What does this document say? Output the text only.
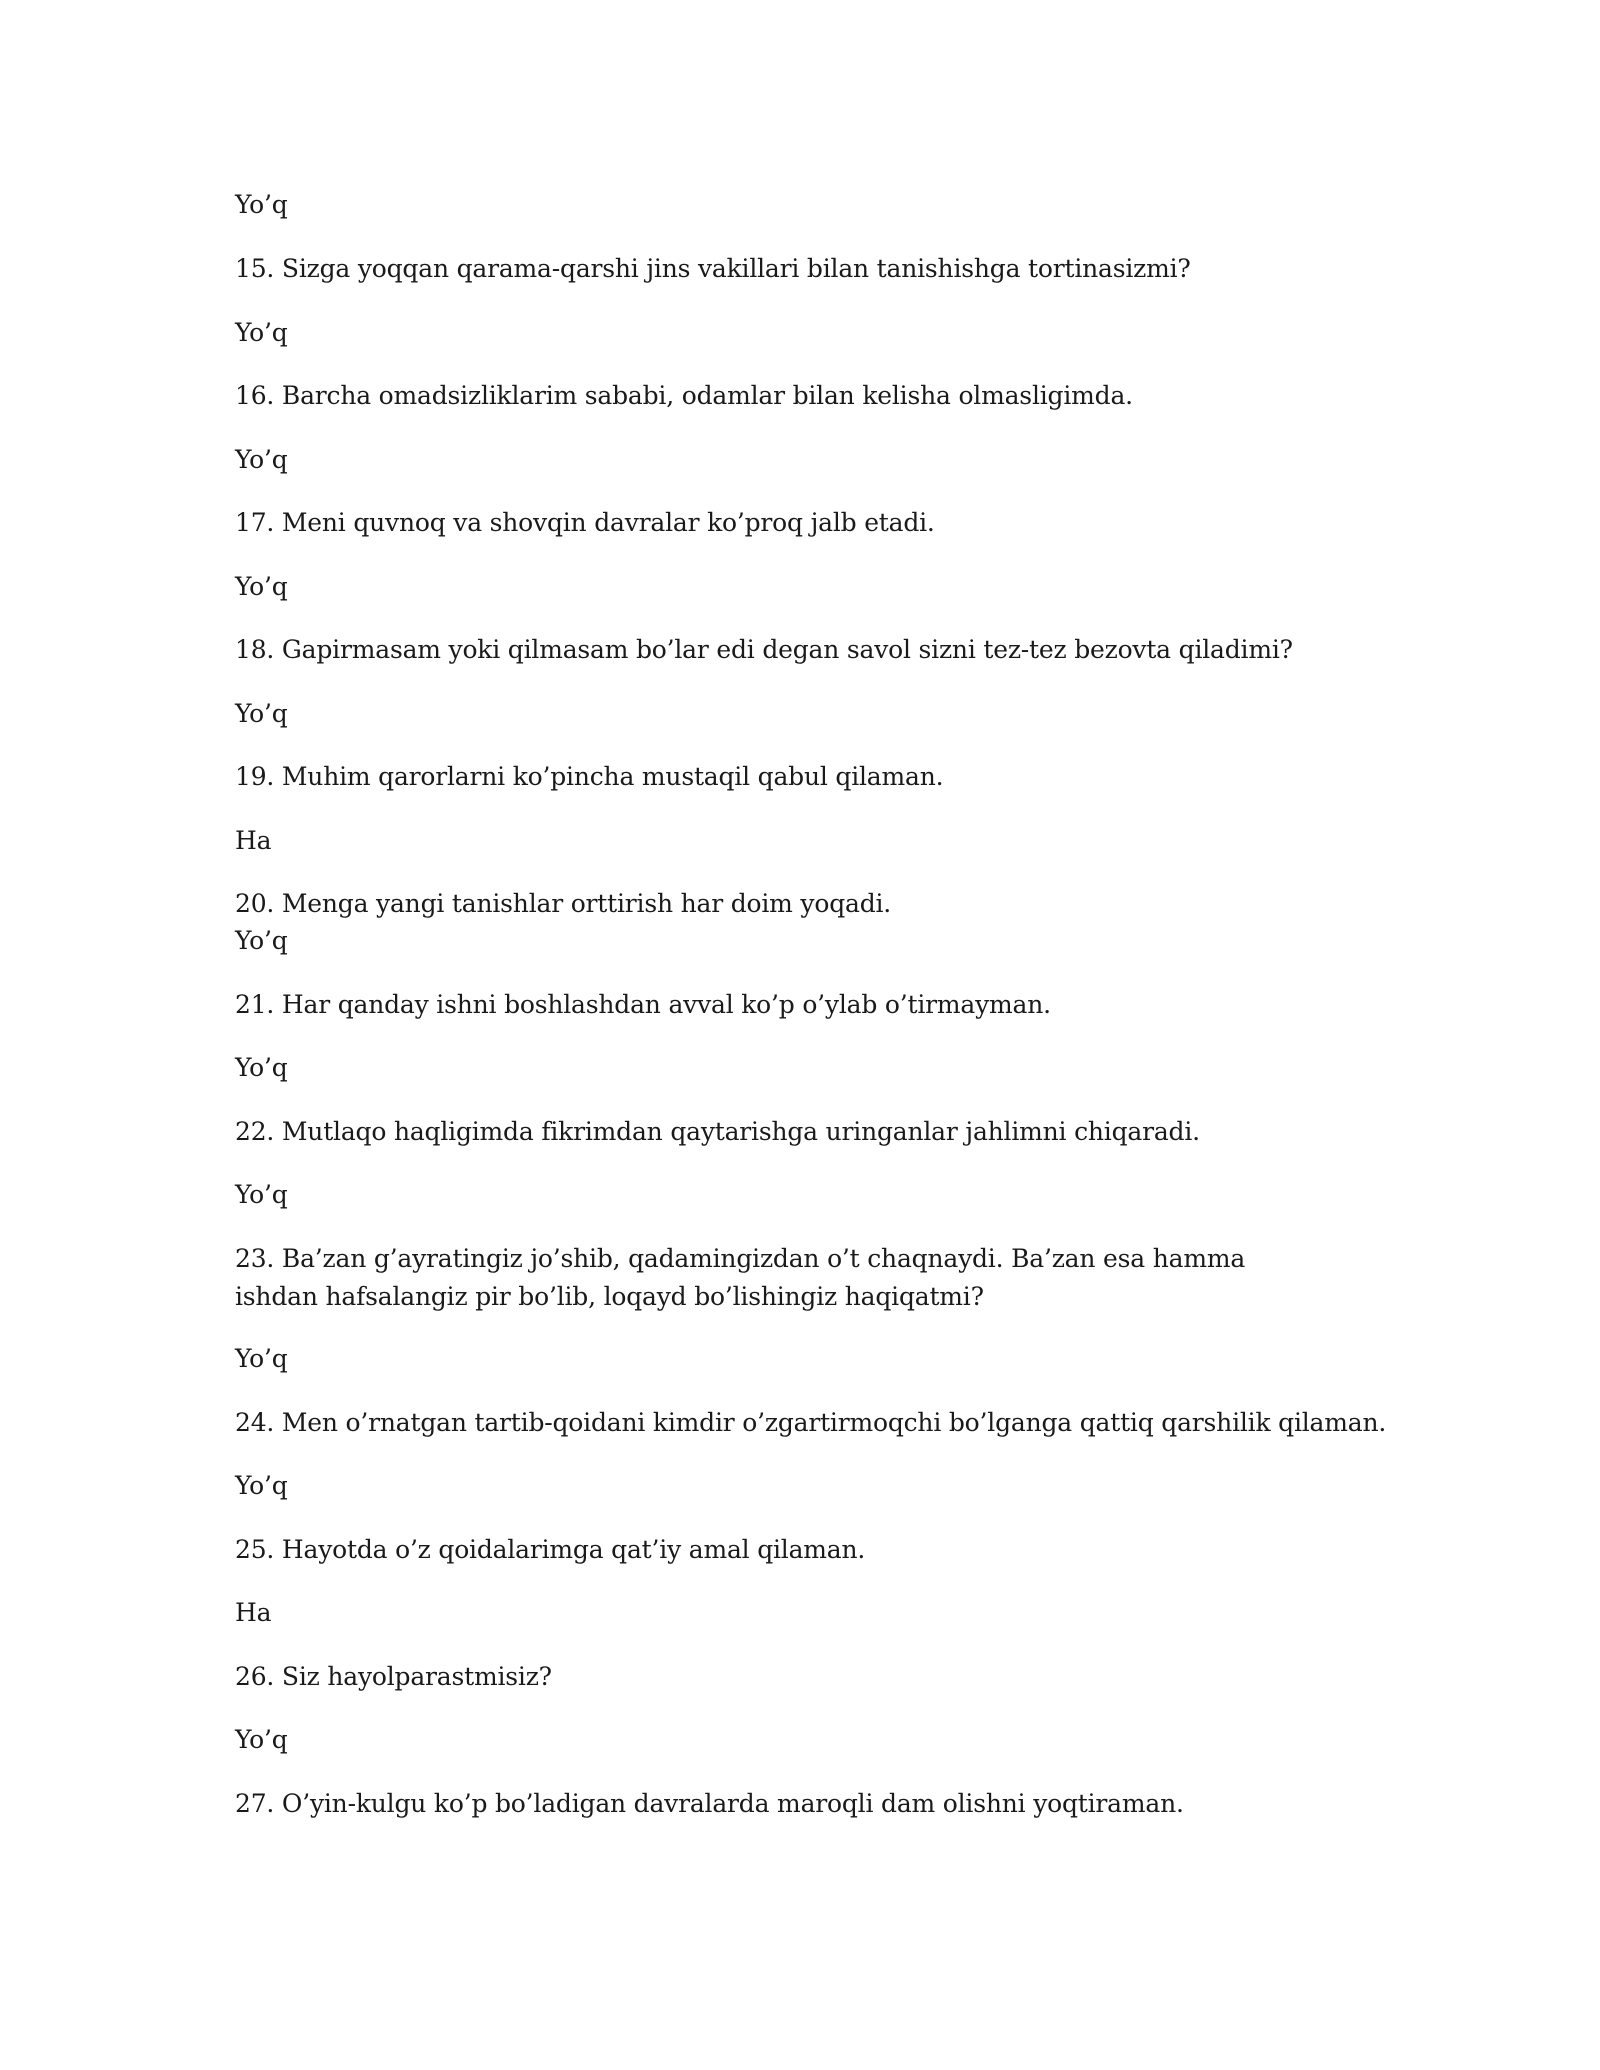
Yo’q
15. Sizga yoqqan qarama-qarshi jins vakillari bilan tanishishga tortinasizmi?
Yo’q
16. Barcha omadsizliklarim sababi, odamlar bilan kelisha olmasligimda.
Yo’q
17. Meni quvnoq va shovqin davralar ko’proq jalb etadi.
Yo’q
18. Gapirmasam yoki qilmasam bo’lar edi degan savol sizni tez-tez bezovta qiladimi?
Yo’q
19. Muhim qarorlarni ko’pincha mustaqil qabul qilaman.
Ha
20. Menga yangi tanishlar orttirish har doim yoqadi.
Yo’q
21. Har qanday ishni boshlashdan avval ko’p o’ylab o’tirmayman.
Yo’q
22. Mutlaqo haqligimda fikrimdan qaytarishga uringanlar jahlimni chiqaradi.
Yo’q
23. Ba’zan g’ayratingiz jo’shib, qadamingizdan o’t chaqnaydi. Ba’zan esa hamma ishdan hafsalangiz pir bo’lib, loqayd bo’lishingiz haqiqatmi?
Yo’q
24. Men o’rnatgan tartib-qoidani kimdir o’zgartirmoqchi bo’lganga qattiq qarshilik qilaman.
Yo’q
25. Hayotda o’z qoidalarimga qat’iy amal qilaman.
Ha
26. Siz hayolparastmisiz?
Yo’q
27. O’yin-kulgu ko’p bo’ladigan davralarda maroqli dam olishni yoqtiraman.
